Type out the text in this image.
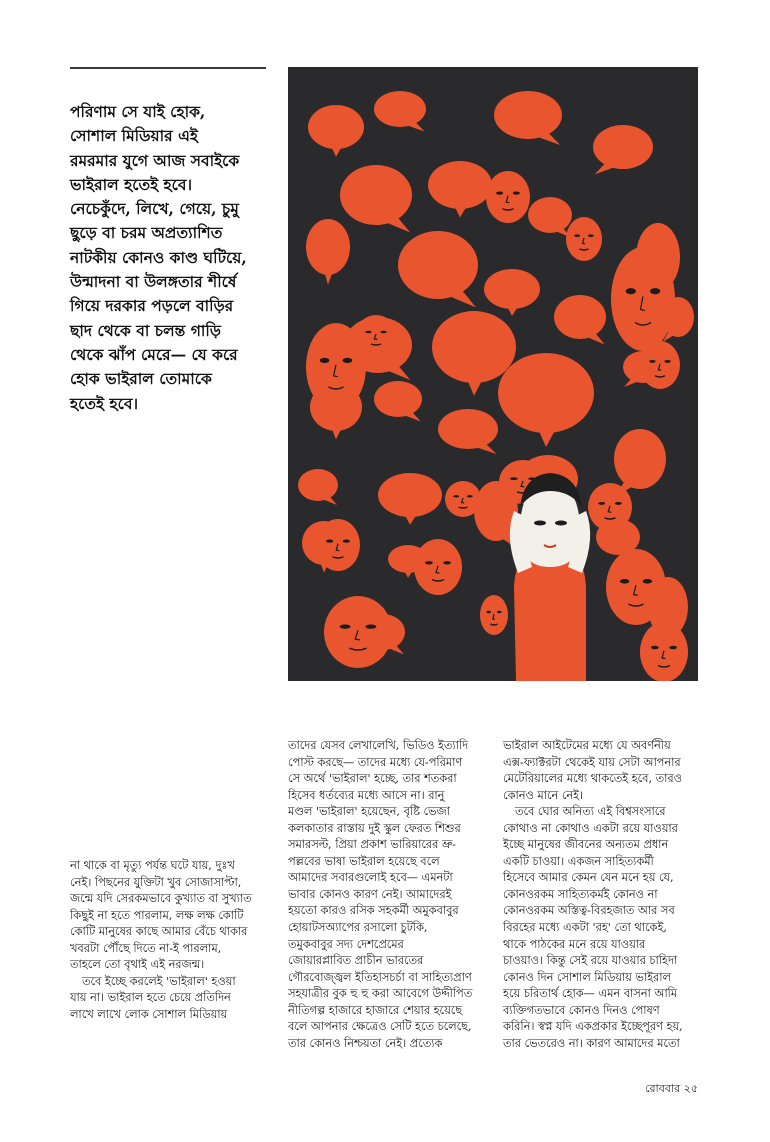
পরিণাম সে যাই হোক,

সোশাল মিডিয়ার এই

রমরমার যুগে আজ সবাইকে

ভাইরাল হতেই হবে।

নেচেকুঁদে, লিখে, গেয়ে, চুমু

ছুড়ে বা চরম অপ্রত্যাশিত

নাটকীয় কোনও কাণ্ড ঘটিয়ে,

উন্মাদনা বা উলঙ্গতার শীর্ষে

গিয়ে দরকার পড়লে বাড়ির

ছাদ থেকে বা চলন্ত গাড়ি

থেকে ঝাঁপ মেরে— যে করে

হোক ভাইরাল তোমাকে

হতেই হবে।

না থাকে বা মৃত্যু পর্যন্ত ঘটে যায়, দুঃখ

নেই। পিছনের যুক্তিটা খুব সোজাসাপ্টা,

জন্মে যদি সেরকমভাবে কুখ্যাত বা সুখ্যাত

কিছুই না হতে পারলাম, লক্ষ লক্ষ কোটি

কোটি মানুষের কাছে আমার বেঁচে থাকার

খবরটা পৌঁছে দিতে না-ই পারলাম,

তাহলে তো বৃথাই এই নরজন্ম।

তবে ইচ্ছে করলেই 'ভাইরাল' হওয়া

যায় না। ভাইরাল হতে চেয়ে প্রতিদিন

লাখে লাখে লোক সোশাল মিডিয়ায়

তাদের যেসব লেখালেখি, ভিডিও ইত্যাদি

পোস্ট করছে— তাদের মধ্যে যে-পরিমাণ

সে অর্থে 'ভাইরাল' হচ্ছে, তার শতকরা

হিসেব ধর্তব্যের মধ্যে আসে না। রানু

মণ্ডল 'ভাইরাল' হয়েছেন, বৃষ্টি ভেজা

কলকাতার রাস্তায় দুই স্কুল ফেরত শিশুর

সমারসল্ট, প্রিয়া প্রকাশ ভারিয়ারের ভ্রু-

পল্লবের ভাষা ভাইরাল হয়েছে বলে

আমাদের সবারগুলোই হবে— এমনটা

ভাবার কোনও কারণ নেই। আমাদেরই

হয়তো কারও রসিক সহকর্মী অমুকবাবুর

হোয়াটসঅ্যাপের রসালো চুটকি,

তমুকবাবুর সদ্য দেশপ্রেমের

জোয়ারপ্লাবিত প্রাচীন ভারতের

গৌরবোজ্জ্বল ইতিহাসচর্চা বা সাহিত্যপ্রাণ

সহযাত্রীর বুক হু হু করা আবেগে উদ্দীপিত

নীতিগল্প হাজারে হাজারে শেয়ার হয়েছে

বলে আপনার ক্ষেত্রেও সেটি হতে চলেছে,

তার কোনও নিশ্চয়তা নেই। প্রত্যেক

ভাইরাল আইটেমের মধ্যে যে অবর্ণনীয়

এক্স-ফ্যাক্টরটা থেকেই যায় সেটা আপনার

মেটেরিয়ালের মধ্যে থাকতেই হবে, তারও

কোনও মানে নেই।

তবে ঘোর অনিত্য এই বিশ্বসংসারে

কোথাও না কোথাও একটা রয়ে যাওয়ার

ইচ্ছে মানুষের জীবনের অন্যতম প্রধান

একটি চাওয়া। একজন সাহিত্যকর্মী

হিসেবে আমার কেমন যেন মনে হয় যে,

কোনওরকম সাহিত্যকর্মই কোনও না

কোনওরকম অস্তিত্ব-বিরহজাত আর সব

বিরহের মধ্যে একটা 'রহ' তো থাকেই,

থাকে পাঠকের মনে রয়ে যাওয়ার

চাওয়াও। কিন্তু সেই রয়ে যাওয়ার চাহিদা

কোনও দিন সোশাল মিডিয়ায় ভাইরাল

হয়ে চরিতার্থ হোক— এমন বাসনা আমি

ব্যক্তিগতভাবে কোনও দিনও পোষণ

করিনি। স্বপ্ন যদি একপ্রকার ইচ্ছেপূরণ হয়,

তার ভেতরেও না। কারণ আমাদের মতো

রোববার ২৫
